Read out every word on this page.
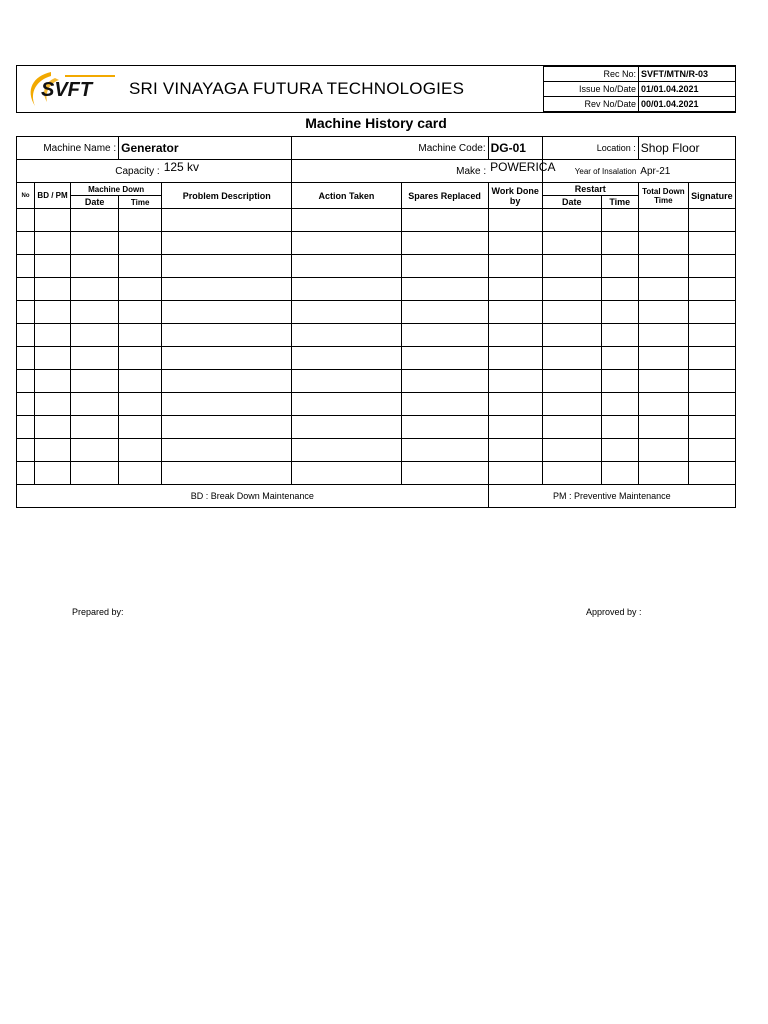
SVFT SRI VINAYAGA FUTURA TECHNOLOGIES
Rec No:	SVFT/MTN/R-03
Issue No/Date	01/01.04.2021
Rev No/Date	00/01.04.2021
Machine History card
Machine Name :			Generator		Machine Code:		DG-01	Location :		Shop Floor	
Capacity :				125 kv	Make :		POWERICA	Year of Insalation		Apr-21	
No	BD / PM	Machine Down		Problem Description	Action Taken	Spares Replaced	Work Done by	Restart		Total Down Time	Signature
		Date	Time					Date	Time		

BD : Break Down Maintenance							PM : Preventive Maintenance				
Prepared by:	Approved by :
